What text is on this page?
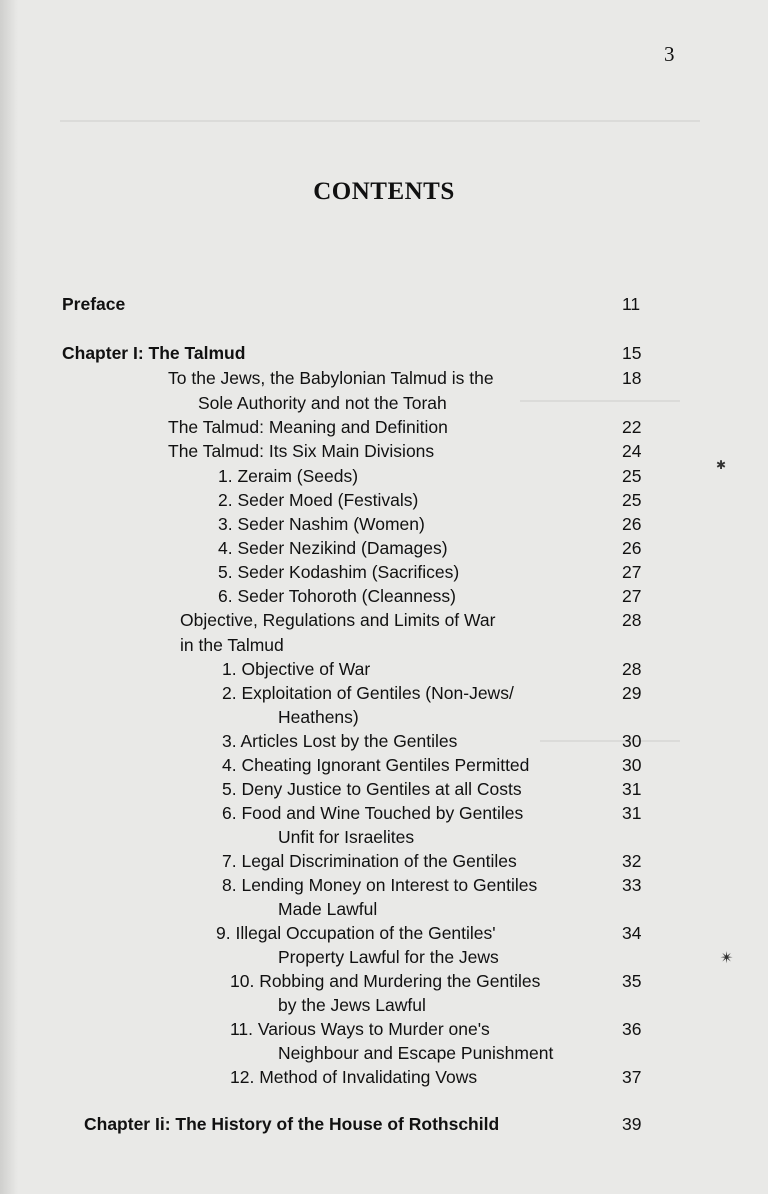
3
CONTENTS
Preface	11
Chapter I: The Talmud	15
To the Jews, the Babylonian Talmud is the	18
Sole Authority and not the Torah
The Talmud: Meaning and Definition	22
The Talmud: Its Six Main Divisions	24
1. Zeraim (Seeds)	25
2. Seder Moed (Festivals)	25
3. Seder Nashim (Women)	26
4. Seder Nezikind (Damages)	26
5. Seder Kodashim (Sacrifices)	27
6. Seder Tohoroth (Cleanness)	27
Objective, Regulations and Limits of War	28
in the Talmud
1. Objective of War	28
2. Exploitation of Gentiles (Non-Jews/	29
Heathens)
3. Articles Lost by the Gentiles	30
4. Cheating Ignorant Gentiles Permitted	30
5. Deny Justice to Gentiles at all Costs	31
6. Food and Wine Touched by Gentiles	31
Unfit for Israelites
7. Legal Discrimination of the Gentiles	32
8. Lending Money on Interest to Gentiles	33
Made Lawful
9. Illegal Occupation of the Gentiles'	34
Property Lawful for the Jews
10. Robbing and Murdering the Gentiles	35
by the Jews Lawful
11. Various Ways to Murder one's	36
Neighbour and Escape Punishment
12. Method of Invalidating Vows	37
Chapter Ii: The History of the House of Rothschild	39
✱
✴
